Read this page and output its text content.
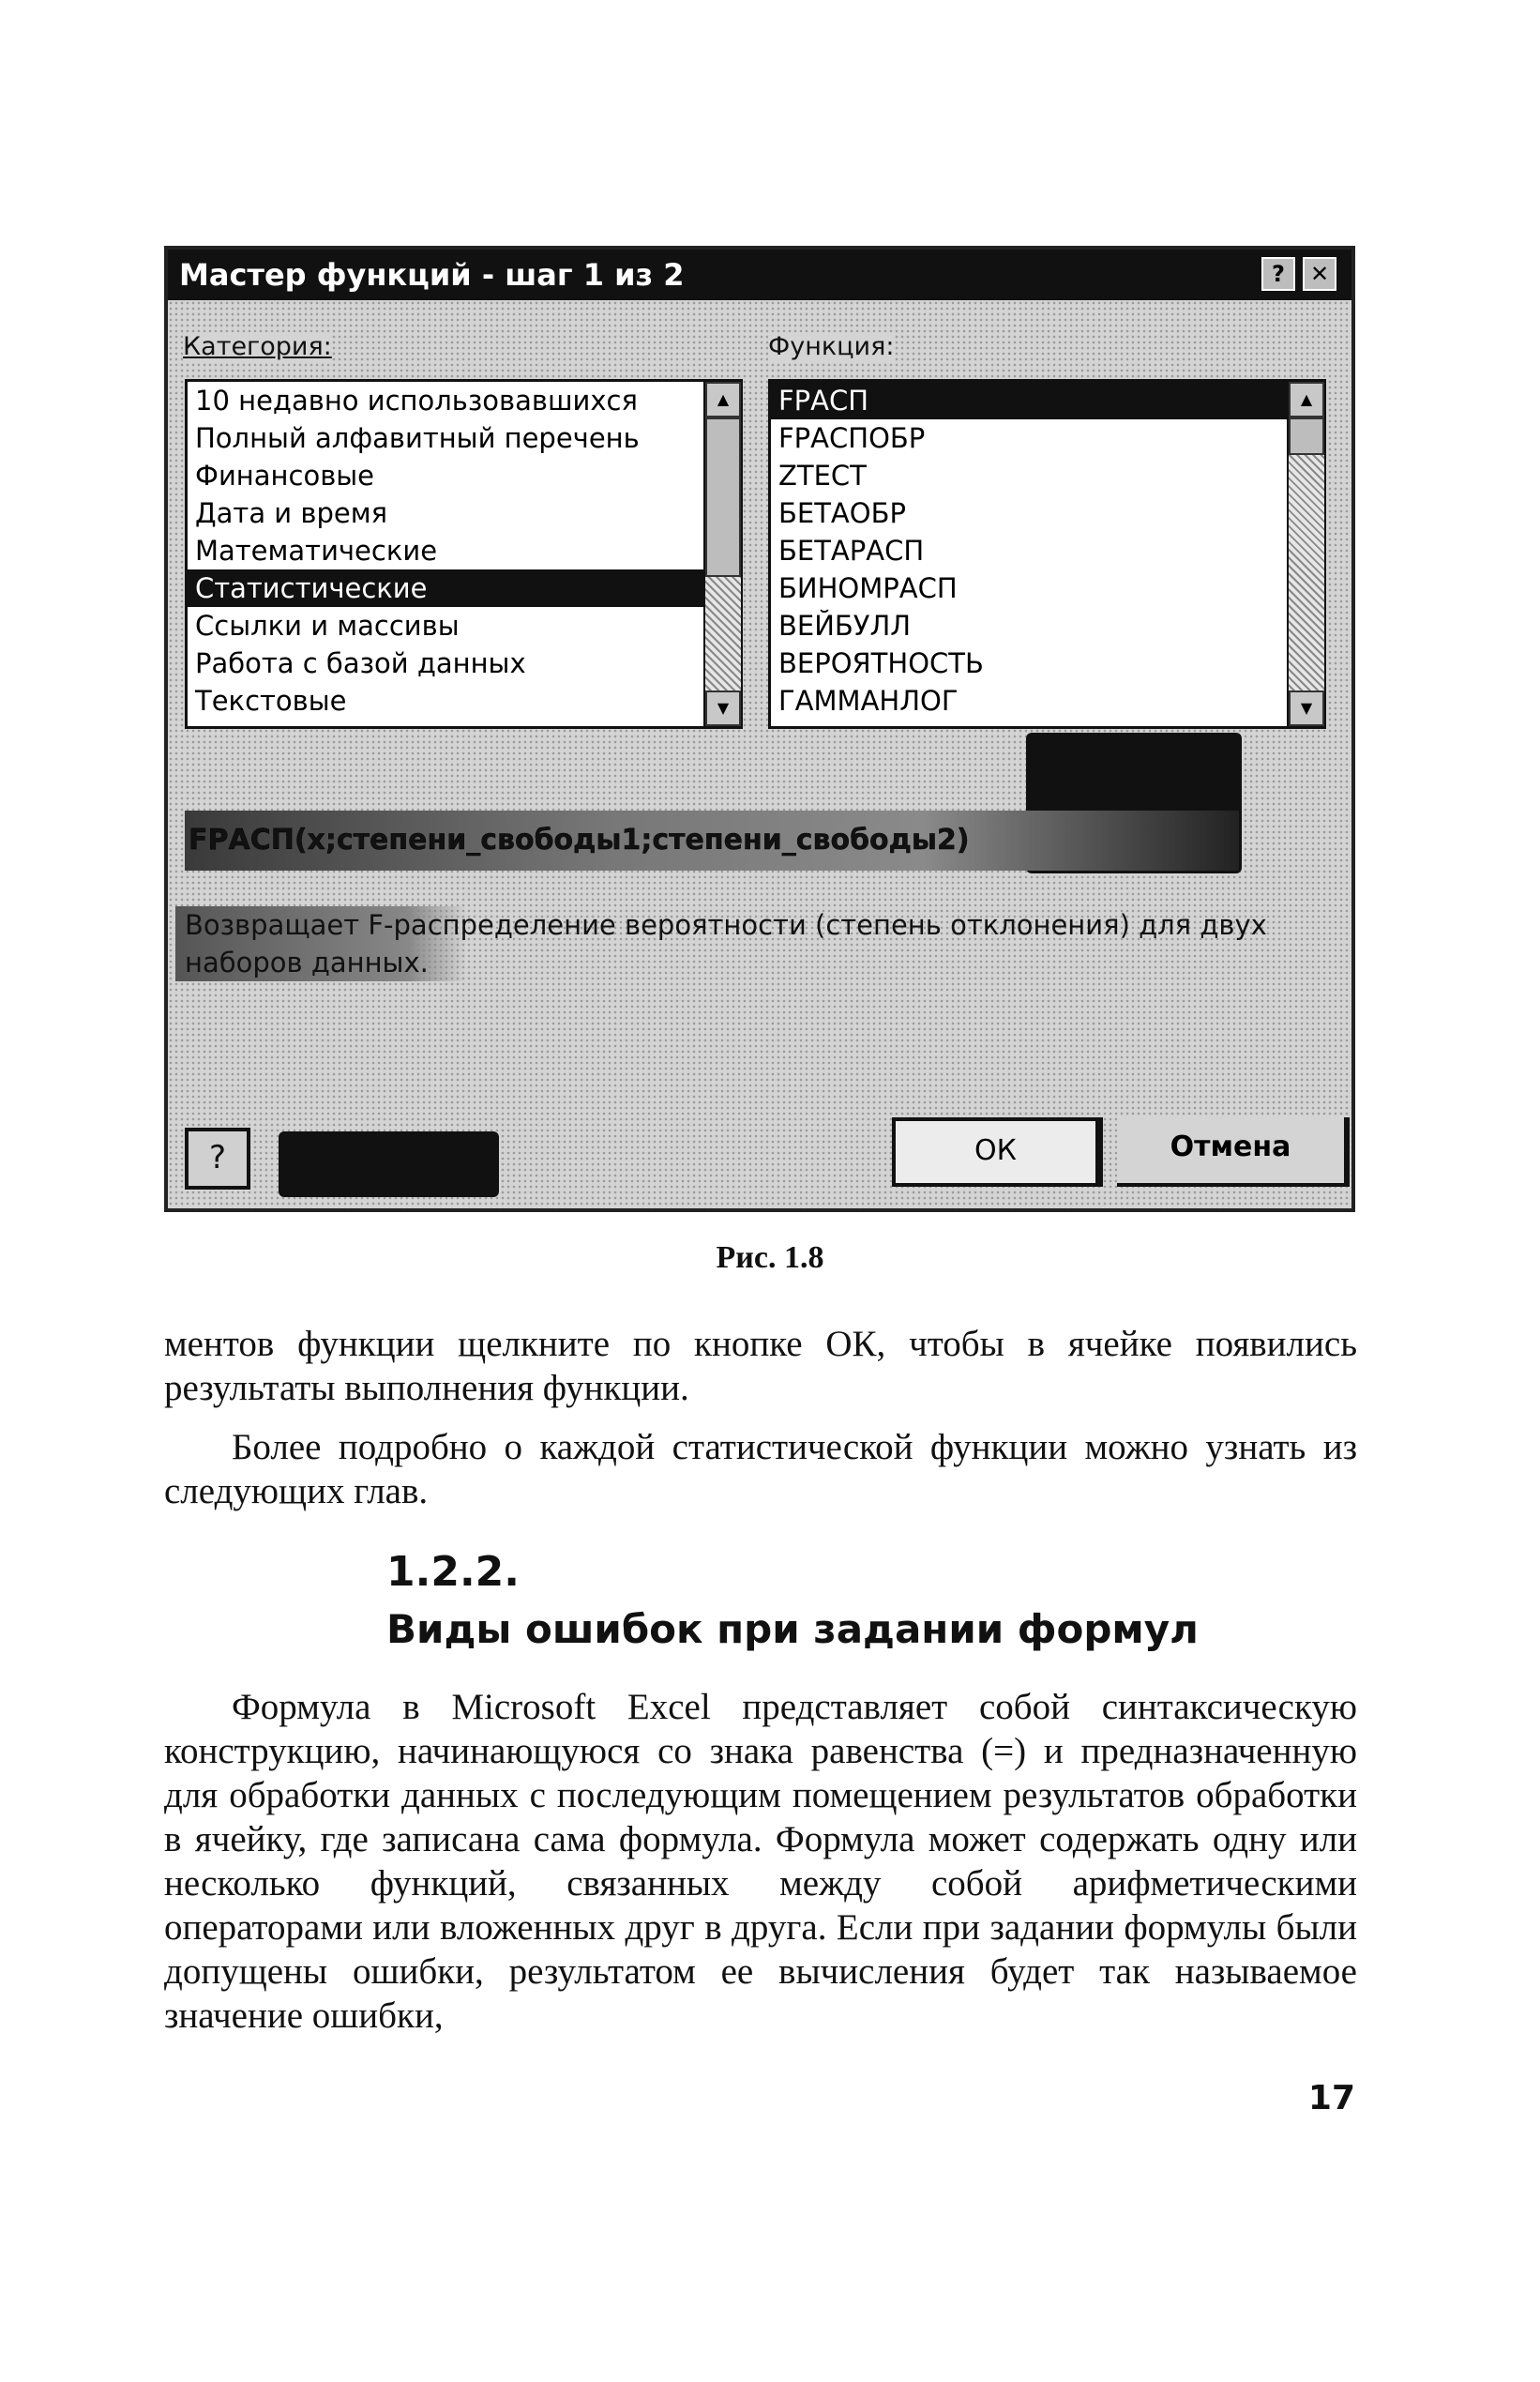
Мастер функций - шаг 1 из 2	?	✕
Категория:	Функция:
10 недавно использовавшихся
Полный алфавитный перечень
Финансовые
Дата и время
Математические
Статистические
Ссылки и массивы
Работа с базой данных
Текстовые
▲
▼
FРАСП
FРАСПОБР
ZТЕСТ
БЕТАОБР
БЕТАРАСП
БИНОМРАСП
ВЕЙБУЛЛ
ВЕРОЯТНОСТЬ
ГАММАНЛОГ
▲
▼
FРАСП(х;степени_свободы1;степени_свободы2)
Возвращает F-распределение вероятности (степень отклонения) для двух
наборов данных.
?	ОК	Отмена
Рис. 1.8
ментов функции щелкните по кнопке ОК, чтобы в ячейке появились результаты выполнения функции.
Более подробно о каждой статистической функции можно узнать из следующих глав.
1.2.2.
Виды ошибок при задании формул
Формула в Microsoft Excel представляет собой синтаксическую конструкцию, начинающуюся со знака равенства (=) и предназначенную для обработки данных с последующим помещением результатов обработки в ячейку, где записана сама формула. Формула может содержать одну или несколько функций, связанных между собой арифметическими операторами или вложенных друг в друга. Если при задании формулы были допущены ошибки, результатом ее вычисления будет так называемое значение ошибки,
17
